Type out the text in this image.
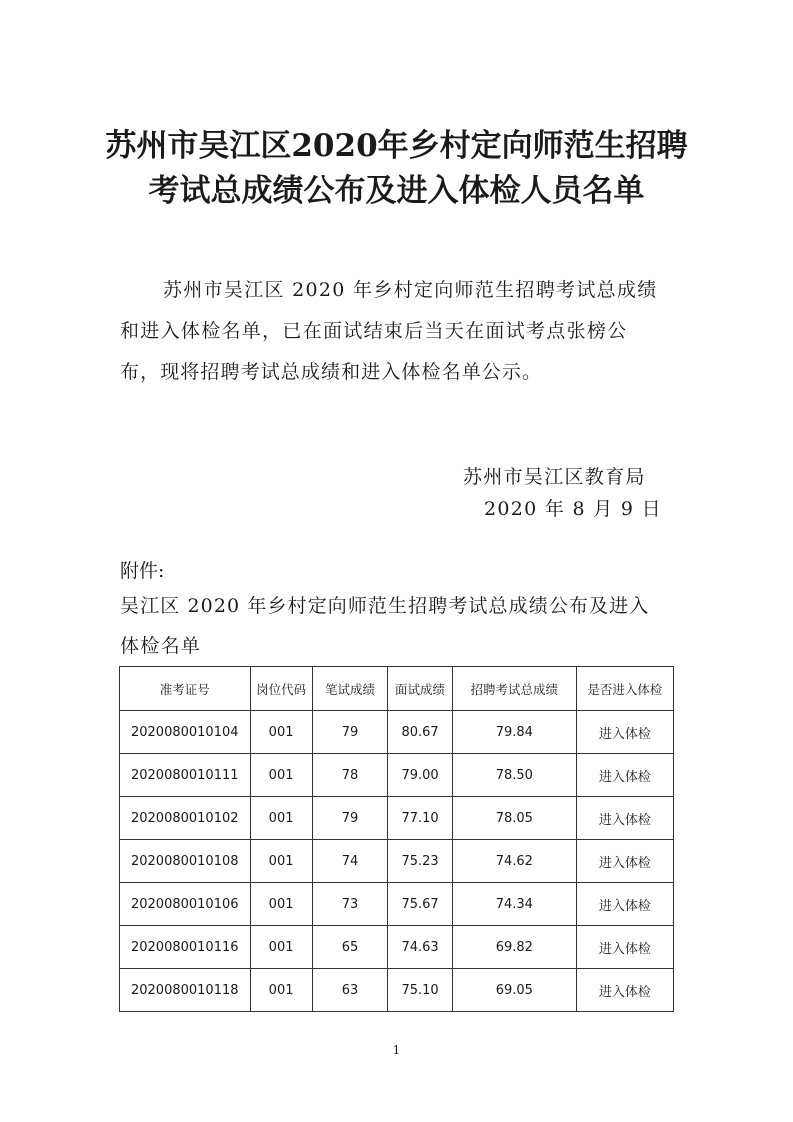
苏州市吴江区2020年乡村定向师范生招聘
考试总成绩公布及进入体检人员名单
苏州市吴江区 2020 年乡村定向师范生招聘考试总成绩
和进入体检名单，已在面试结束后当天在面试考点张榜公
布，现将招聘考试总成绩和进入体检名单公示。
苏州市吴江区教育局
2020 年 8 月 9 日
附件:
吴江区 2020 年乡村定向师范生招聘考试总成绩公布及进入
体检名单
准考证号	岗位代码	笔试成绩	面试成绩	招聘考试总成绩	是否进入体检
2020080010104	001	79	80.67	79.84	进入体检
2020080010111	001	78	79.00	78.50	进入体检
2020080010102	001	79	77.10	78.05	进入体检
2020080010108	001	74	75.23	74.62	进入体检
2020080010106	001	73	75.67	74.34	进入体检
2020080010116	001	65	74.63	69.82	进入体检
2020080010118	001	63	75.10	69.05	进入体检
1
